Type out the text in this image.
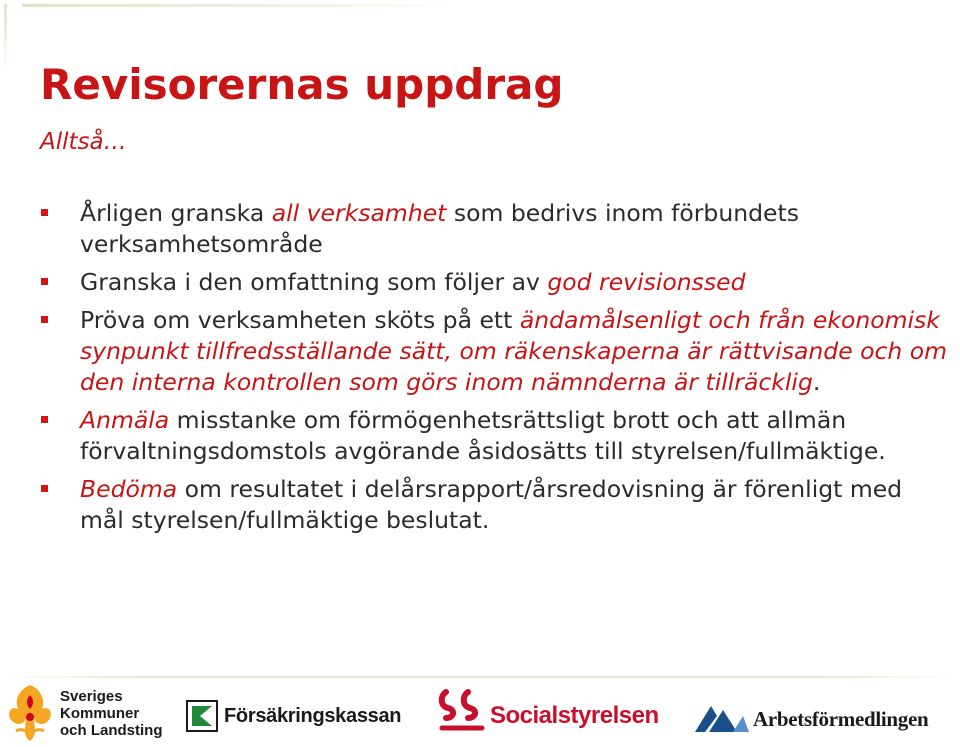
Revisorernas uppdrag
Alltså…
Årligen granska all verksamhet som bedrivs inom förbundets verksamhetsområde
Granska i den omfattning som följer av god revisionssed
Pröva om verksamheten sköts på ett ändamålsenligt och från ekonomisk synpunkt tillfredsställande sätt, om räkenskaperna är rättvisande och om den interna kontrollen som görs inom nämnderna är tillräcklig.
Anmäla misstanke om förmögenhetsrättsligt brott och att allmän förvaltningsdomstols avgörande åsidosätts till styrelsen/fullmäktige.
Bedöma om resultatet i delårsrapport/årsredovisning är förenligt med mål styrelsen/fullmäktige beslutat.
Sveriges
Kommuner
och Landsting
Försäkringskassan	Socialstyrelsen	Arbetsförmedlingen
